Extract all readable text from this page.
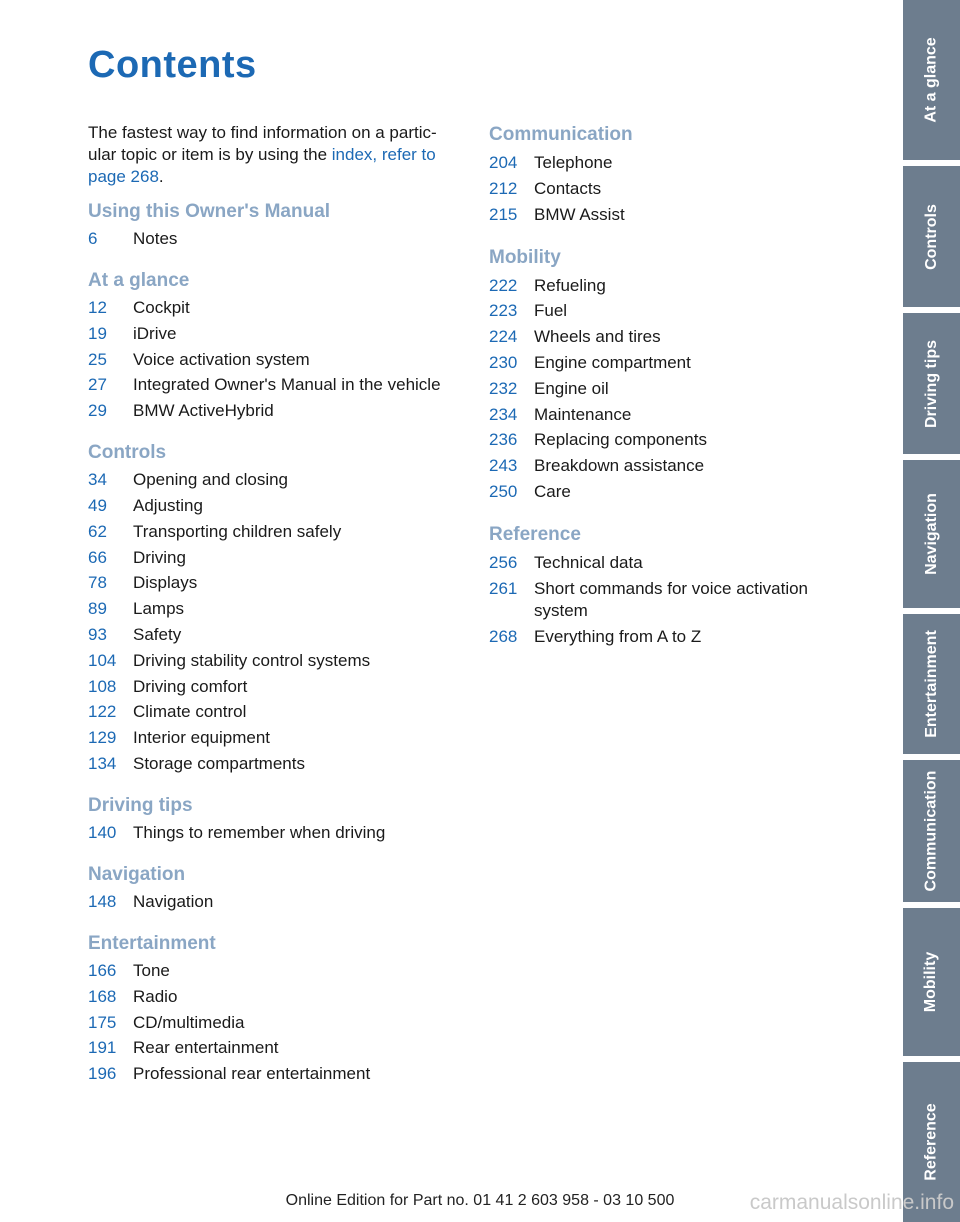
Contents

The fastest way to find information on a partic-ular topic or item is by using the index, refer to page 268.

Using this Owner's Manual
6	Notes
At a glance
12	Cockpit
19	iDrive
25	Voice activation system
27	Integrated Owner's Manual in the vehicle
29	BMW ActiveHybrid
Controls
34	Opening and closing
49	Adjusting
62	Transporting children safely
66	Driving
78	Displays
89	Lamps
93	Safety
104 Driving stability control systems
108 Driving comfort
122 Climate control
129 Interior equipment
134 Storage compartments
Driving tips
140 Things to remember when driving
Navigation
148 Navigation
Entertainment
166 Tone
168 Radio
175 CD/multimedia
191 Rear entertainment
196 Professional rear entertainment
Communication
204 Telephone
212 Contacts
215 BMW Assist
Mobility
222 Refueling
223 Fuel
224 Wheels and tires
230 Engine compartment
232 Engine oil
234 Maintenance
236 Replacing components
243 Breakdown assistance
250 Care
Reference
256 Technical data
261 Short commands for voice activation system
268 Everything from A to Z
At a glance
Controls
Driving tips
Navigation
Entertainment
Communication
Mobility
Reference
Online Edition for Part no. 01 41 2 603 958 - 03 10 500	carmanualsonline.info
